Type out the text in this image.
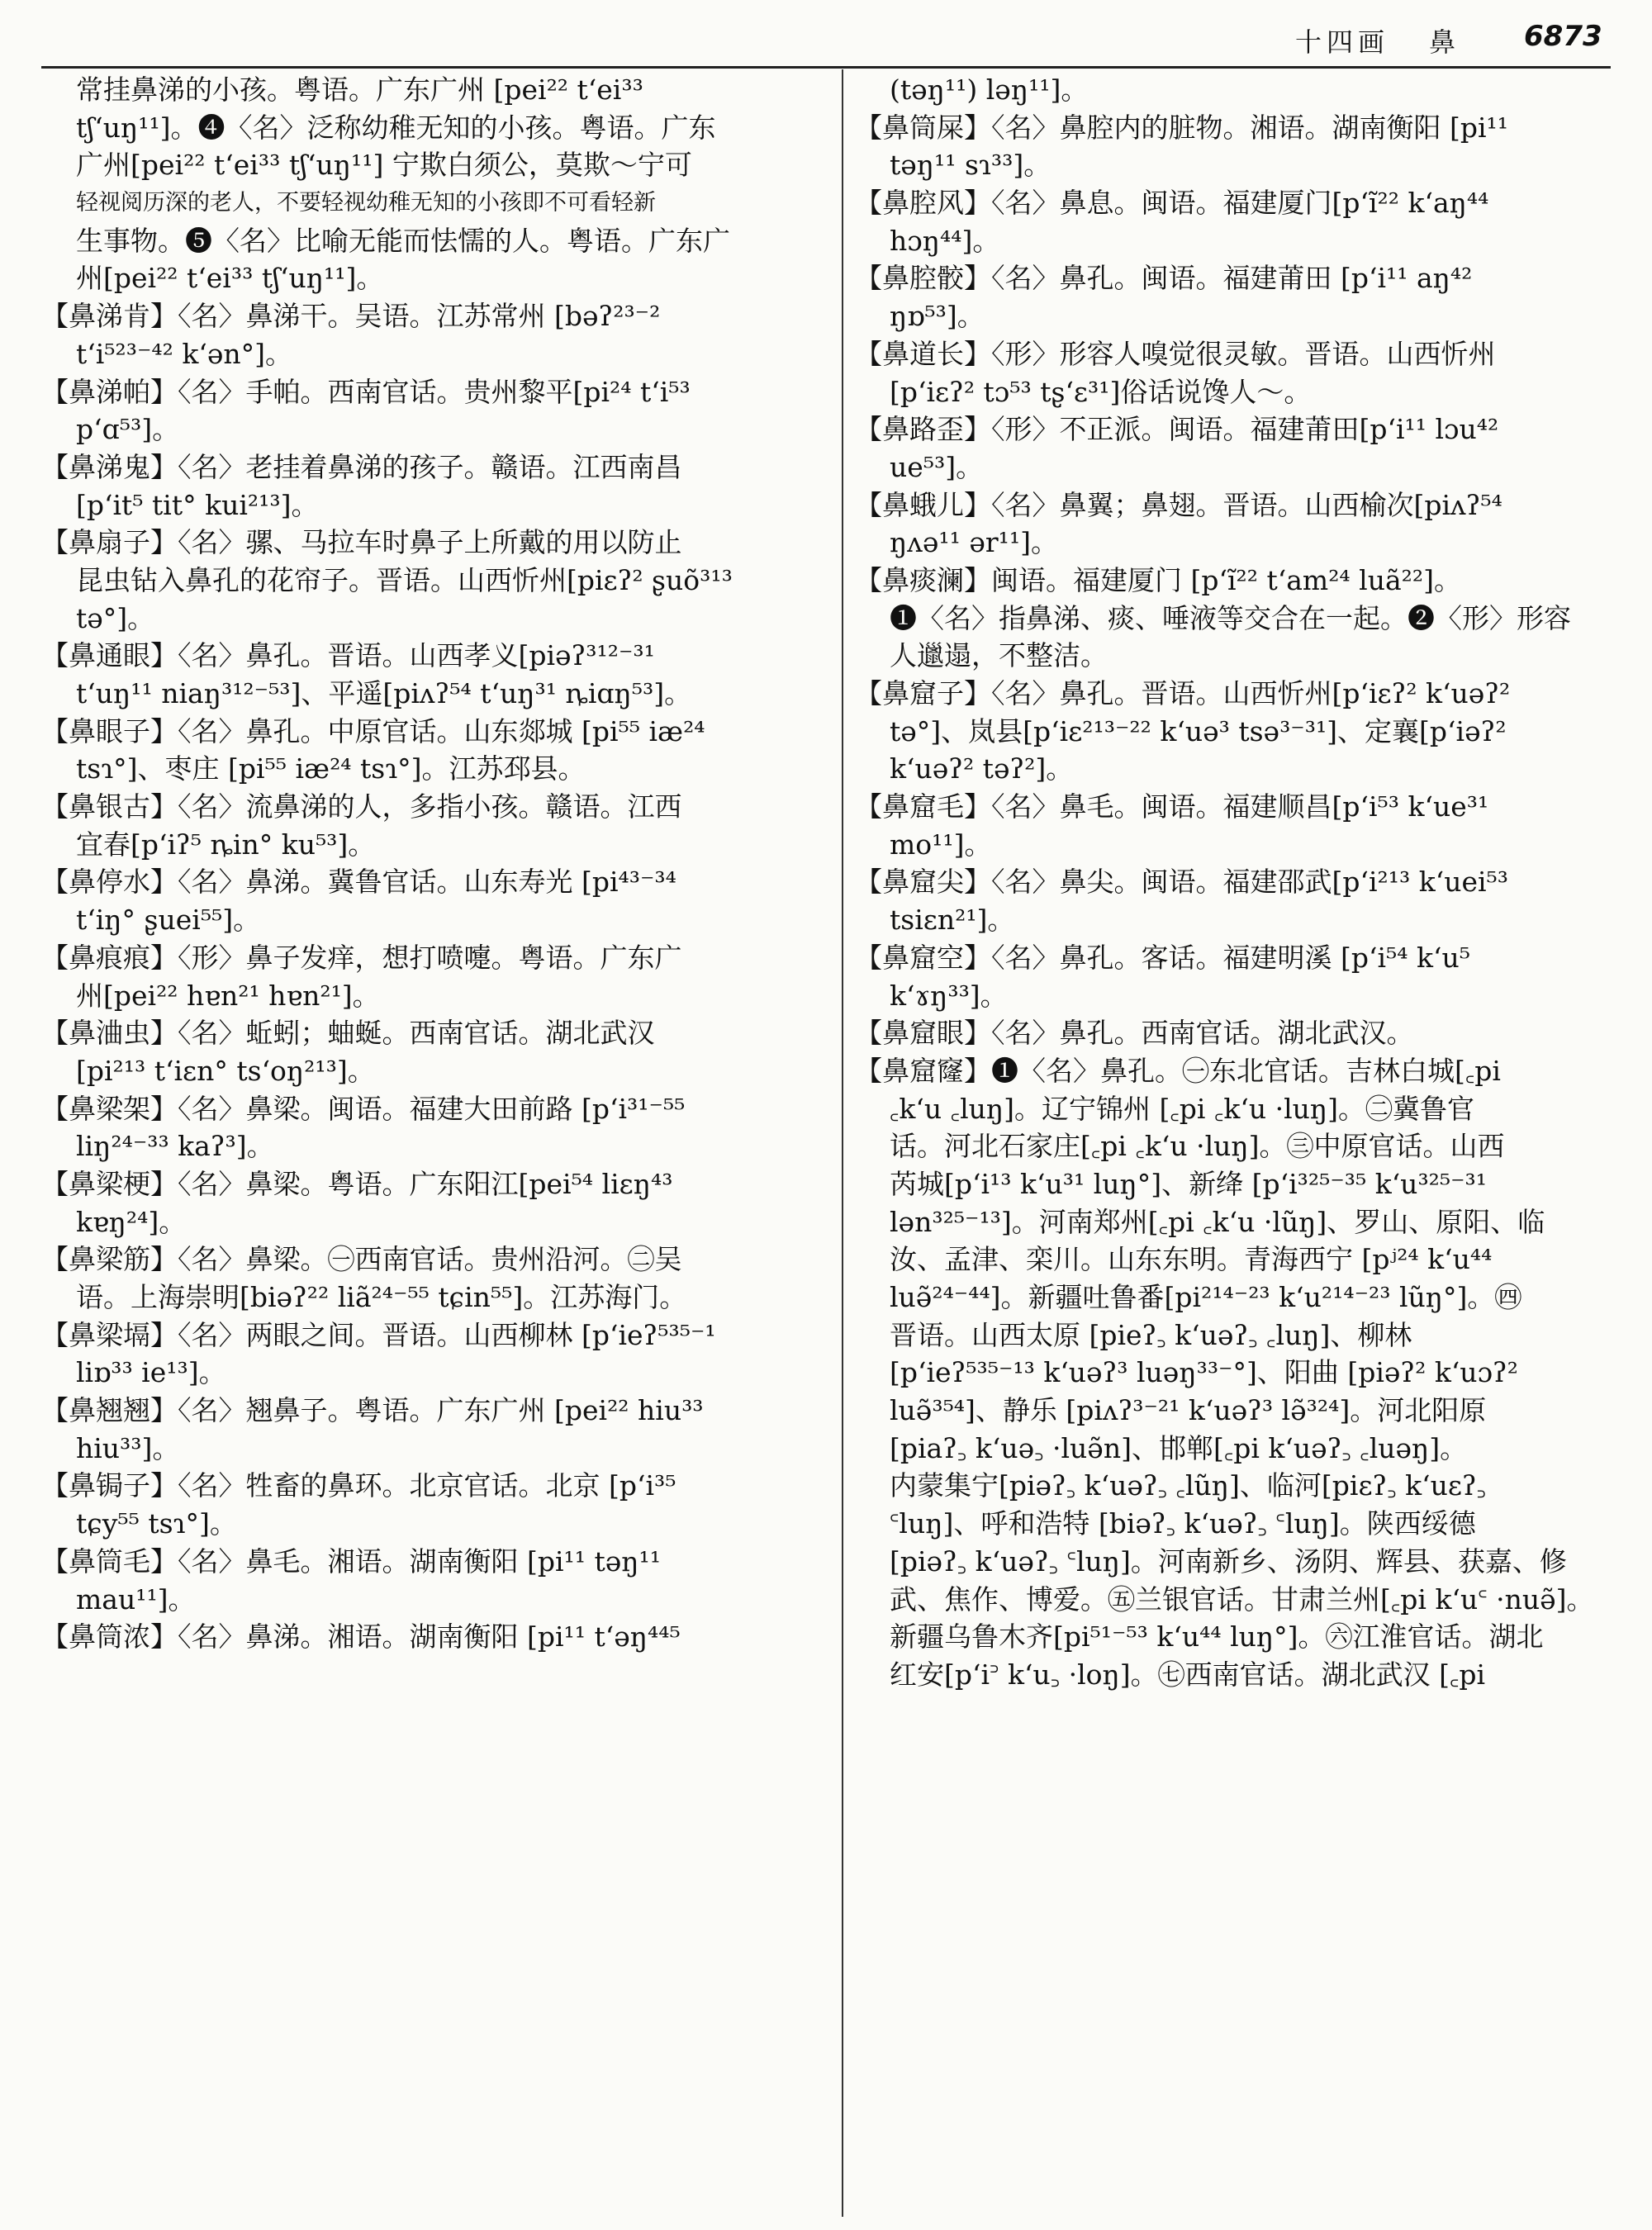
十四画 鼻 6873
常挂鼻涕的小孩。粤语。广东广州 [pei²² tʻei³³
tʃʻuŋ¹¹]。❹〈名〉泛称幼稚无知的小孩。粤语。广东
广州[pei²² tʻei³³ tʃʻuŋ¹¹] 宁欺白须公，莫欺～宁可
轻视阅历深的老人，不要轻视幼稚无知的小孩即不可看轻新
生事物。❺〈名〉比喻无能而怯懦的人。粤语。广东广
州[pei²² tʻei³³ tʃʻuŋ¹¹]。
【鼻涕肯】〈名〉鼻涕干。吴语。江苏常州 [bəʔ²³⁻²
tʻi⁵²³⁻⁴² kʻən°]。
【鼻涕帕】〈名〉手帕。西南官话。贵州黎平[pi²⁴ tʻi⁵³
pʻɑ⁵³]。
【鼻涕鬼】〈名〉老挂着鼻涕的孩子。赣语。江西南昌
[pʻit⁵ tit° kui²¹³]。
【鼻扇子】〈名〉骡、马拉车时鼻子上所戴的用以防止
昆虫钻入鼻孔的花帘子。晋语。山西忻州[piɛʔ² ʂuõ³¹³
tə°]。
【鼻通眼】〈名〉鼻孔。晋语。山西孝义[piəʔ³¹²⁻³¹
tʻuŋ¹¹ niaŋ³¹²⁻⁵³]、平遥[piʌʔ⁵⁴ tʻuŋ³¹ ȵiɑŋ⁵³]。
【鼻眼子】〈名〉鼻孔。中原官话。山东郯城 [pi⁵⁵ iæ²⁴
tsɿ°]、枣庄 [pi⁵⁵ iæ²⁴ tsɿ°]。江苏邳县。
【鼻银古】〈名〉流鼻涕的人，多指小孩。赣语。江西
宜春[pʻiʔ⁵ ȵin° ku⁵³]。
【鼻停水】〈名〉鼻涕。冀鲁官话。山东寿光 [pi⁴³⁻³⁴
tʻiŋ° ʂuei⁵⁵]。
【鼻痕痕】〈形〉鼻子发痒，想打喷嚏。粤语。广东广
州[pei²² hɐn²¹ hɐn²¹]。
【鼻浀虫】〈名〉蚯蚓；蚰蜒。西南官话。湖北武汉
[pi²¹³ tʻiɛn° tsʻoŋ²¹³]。
【鼻梁架】〈名〉鼻梁。闽语。福建大田前路 [pʻi³¹⁻⁵⁵
liŋ²⁴⁻³³ kaʔ³]。
【鼻梁梗】〈名〉鼻梁。粤语。广东阳江[pei⁵⁴ liɛŋ⁴³
kɐŋ²⁴]。
【鼻梁筋】〈名〉鼻梁。㊀西南官话。贵州沿河。㊁吴
语。上海崇明[biəʔ²² liã²⁴⁻⁵⁵ tɕin⁵⁵]。江苏海门。
【鼻梁塥】〈名〉两眼之间。晋语。山西柳林 [pʻieʔ⁵³⁵⁻¹
liɒ³³ ie¹³]。
【鼻翘翘】〈名〉翘鼻子。粤语。广东广州 [pei²² hiu³³
hiu³³]。
【鼻锔子】〈名〉牲畜的鼻环。北京官话。北京 [pʻi³⁵
tɕy⁵⁵ tsɿ°]。
【鼻筒毛】〈名〉鼻毛。湘语。湖南衡阳 [pi¹¹ təŋ¹¹
mau¹¹]。
【鼻筒浓】〈名〉鼻涕。湘语。湖南衡阳 [pi¹¹ tʻəŋ⁴⁴⁵
(təŋ¹¹) ləŋ¹¹]。
【鼻筒屎】〈名〉鼻腔内的脏物。湘语。湖南衡阳 [pi¹¹
təŋ¹¹ sɿ³³]。
【鼻腔风】〈名〉鼻息。闽语。福建厦门[pʻĩ²² kʻaŋ⁴⁴
hɔŋ⁴⁴]。
【鼻腔骹】〈名〉鼻孔。闽语。福建莆田 [pʻi¹¹ aŋ⁴²
ŋɒ⁵³]。
【鼻道长】〈形〉形容人嗅觉很灵敏。晋语。山西忻州
[pʻiɛʔ² tɔ⁵³ tʂʻɛ³¹]俗话说馋人～。
【鼻路歪】〈形〉不正派。闽语。福建莆田[pʻi¹¹ lɔu⁴²
ue⁵³]。
【鼻蛾儿】〈名〉鼻翼；鼻翅。晋语。山西榆次[piʌʔ⁵⁴
ŋʌə¹¹ ər¹¹]。
【鼻痰澜】闽语。福建厦门 [pʻĩ²² tʻam²⁴ luã²²]。
❶〈名〉指鼻涕、痰、唾液等交合在一起。❷〈形〉形容
人邋遢，不整洁。
【鼻窟子】〈名〉鼻孔。晋语。山西忻州[pʻiɛʔ² kʻuəʔ²
tə°]、岚县[pʻiɛ²¹³⁻²² kʻuə³ tsə³⁻³¹]、定襄[pʻiəʔ²
kʻuəʔ² təʔ²]。
【鼻窟毛】〈名〉鼻毛。闽语。福建顺昌[pʻi⁵³ kʻue³¹
mo¹¹]。
【鼻窟尖】〈名〉鼻尖。闽语。福建邵武[pʻi²¹³ kʻuei⁵³
tsiɛn²¹]。
【鼻窟空】〈名〉鼻孔。客话。福建明溪 [pʻi⁵⁴ kʻu⁵
kʻɤŋ³³]。
【鼻窟眼】〈名〉鼻孔。西南官话。湖北武汉。
【鼻窟窿】❶〈名〉鼻孔。㊀东北官话。吉林白城[꜀pi
꜀kʻu ꜀luŋ]。辽宁锦州 [꜀pi ꜀kʻu ·luŋ]。㊁冀鲁官
话。河北石家庄[꜀pi ꜀kʻu ·luŋ]。㊂中原官话。山西
芮城[pʻi¹³ kʻu³¹ luŋ°]、新绛 [pʻi³²⁵⁻³⁵ kʻu³²⁵⁻³¹
lən³²⁵⁻¹³]。河南郑州[꜀pi ꜀kʻu ·lũŋ]、罗山、原阳、临
汝、孟津、栾川。山东东明。青海西宁 [pʲ²⁴ kʻu⁴⁴
luə̃²⁴⁻⁴⁴]。新疆吐鲁番[pi²¹⁴⁻²³ kʻu²¹⁴⁻²³ lũŋ°]。㊃
晋语。山西太原 [pieʔ꜆ kʻuəʔ꜆ ꜀luŋ]、柳林
[pʻieʔ⁵³⁵⁻¹³ kʻuəʔ³ luəŋ³³⁻°]、阳曲 [piəʔ² kʻuɔʔ²
luə̃³⁵⁴]、静乐 [piʌʔ³⁻²¹ kʻuəʔ³ lə̃³²⁴]。河北阳原
[piaʔ꜆ kʻuə꜆ ·luə̃n]、邯郸[꜀pi kʻuəʔ꜆ ꜀luəŋ]。
内蒙集宁[piəʔ꜆ kʻuəʔ꜆ ꜀lũŋ]、临河[piɛʔ꜆ kʻuɛʔ꜆
꜂luŋ]、呼和浩特 [biəʔ꜆ kʻuəʔ꜆ ꜂luŋ]。陕西绥德
[piəʔ꜆ kʻuəʔ꜆ ꜂luŋ]。河南新乡、汤阴、辉县、获嘉、修
武、焦作、博爱。㊄兰银官话。甘肃兰州[꜀pi kʻu꜂ ·nuə̃]。
新疆乌鲁木齐[pi⁵¹⁻⁵³ kʻu⁴⁴ luŋ°]。㊅江淮官话。湖北
红安[pʻi꜄ kʻu꜆ ·loŋ]。㊆西南官话。湖北武汉 [꜀pi
